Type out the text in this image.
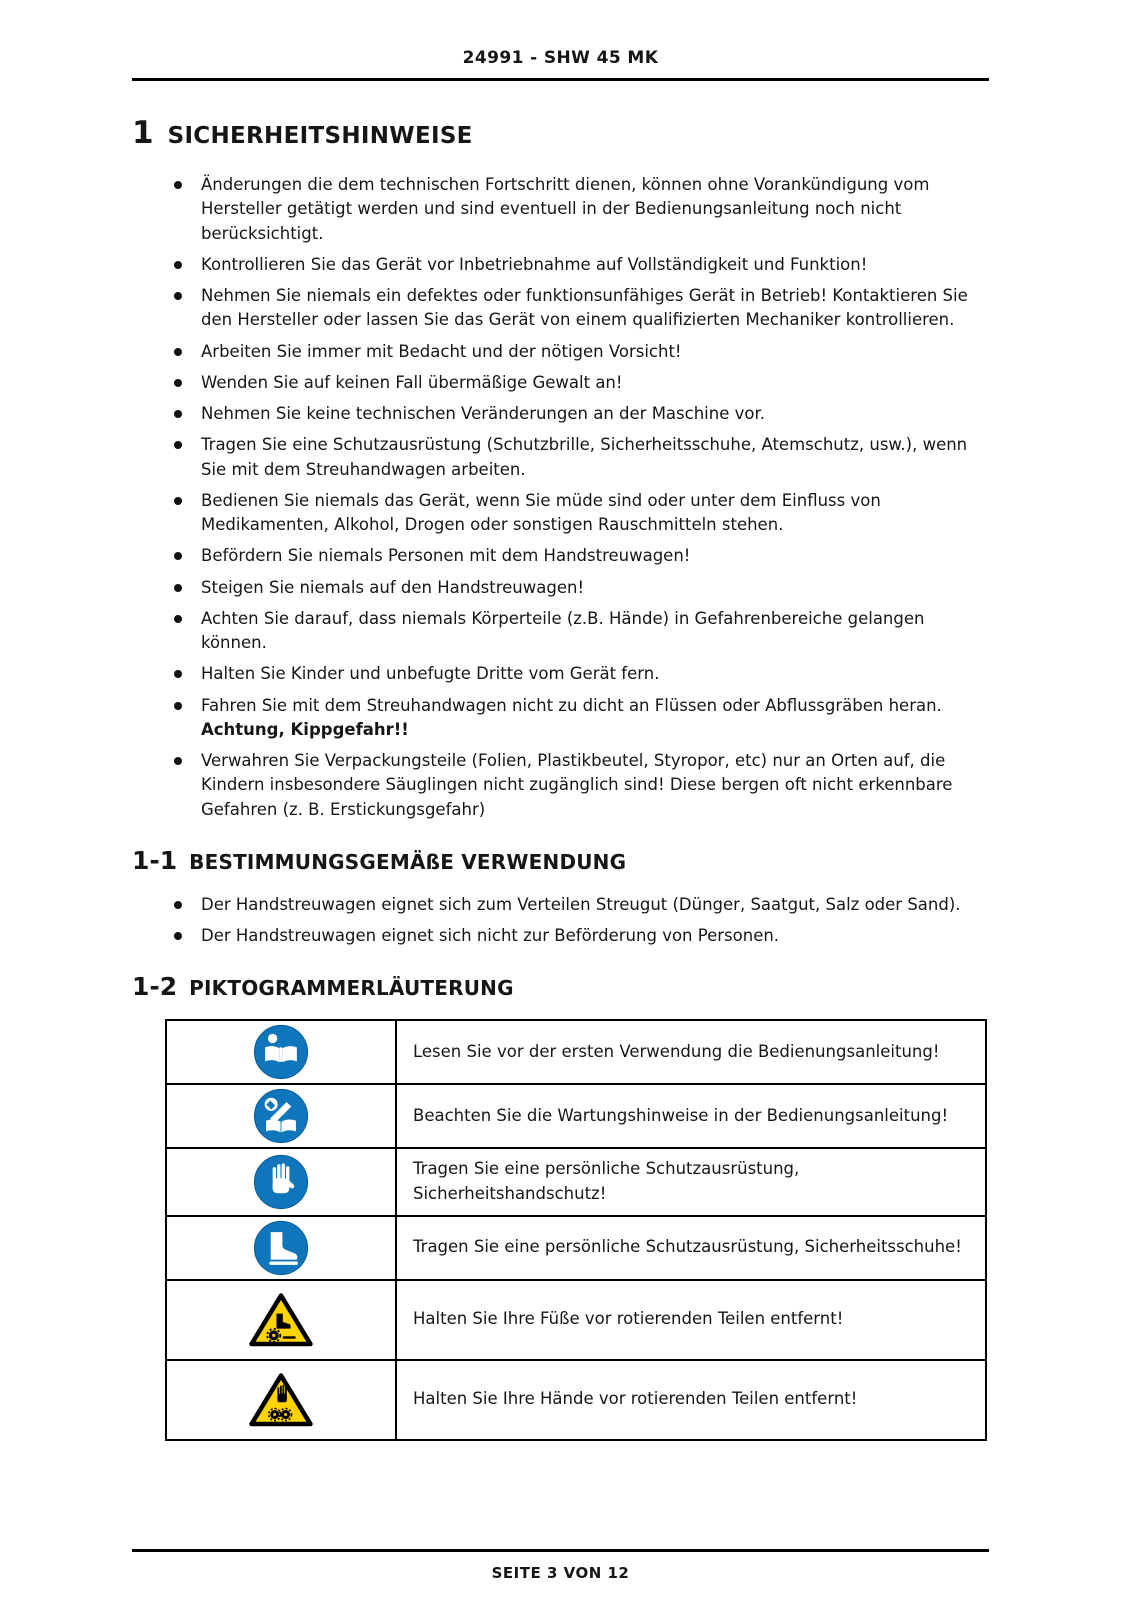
24991 - SHW 45 MK
1 SICHERHEITSHINWEISE
Änderungen die dem technischen Fortschritt dienen, können ohne Vorankündigung vom Hersteller getätigt werden und sind eventuell in der Bedienungsanleitung noch nicht berücksichtigt.
Kontrollieren Sie das Gerät vor Inbetriebnahme auf Vollständigkeit und Funktion!
Nehmen Sie niemals ein defektes oder funktionsunfähiges Gerät in Betrieb! Kontaktieren Sie den Hersteller oder lassen Sie das Gerät von einem qualifizierten Mechaniker kontrollieren.
Arbeiten Sie immer mit Bedacht und der nötigen Vorsicht!
Wenden Sie auf keinen Fall übermäßige Gewalt an!
Nehmen Sie keine technischen Veränderungen an der Maschine vor.
Tragen Sie eine Schutzausrüstung (Schutzbrille, Sicherheitsschuhe, Atemschutz, usw.), wenn Sie mit dem Streuhandwagen arbeiten.
Bedienen Sie niemals das Gerät, wenn Sie müde sind oder unter dem Einfluss von Medikamenten, Alkohol, Drogen oder sonstigen Rauschmitteln stehen.
Befördern Sie niemals Personen mit dem Handstreuwagen!
Steigen Sie niemals auf den Handstreuwagen!
Achten Sie darauf, dass niemals Körperteile (z.B. Hände) in Gefahrenbereiche gelangen können.
Halten Sie Kinder und unbefugte Dritte vom Gerät fern.
Fahren Sie mit dem Streuhandwagen nicht zu dicht an Flüssen oder Abflussgräben heran. Achtung, Kippgefahr!!
Verwahren Sie Verpackungsteile (Folien, Plastikbeutel, Styropor, etc) nur an Orten auf, die Kindern insbesondere Säuglingen nicht zugänglich sind! Diese bergen oft nicht erkennbare Gefahren (z. B. Erstickungsgefahr)
1-1 BESTIMMUNGSGEMÄßE VERWENDUNG
Der Handstreuwagen eignet sich zum Verteilen Streugut (Dünger, Saatgut, Salz oder Sand).
Der Handstreuwagen eignet sich nicht zur Beförderung von Personen.
1-2 PIKTOGRAMMERLÄUTERUNG
	Lesen Sie vor der ersten Verwendung die Bedienungsanleitung!
	Beachten Sie die Wartungshinweise in der Bedienungsanleitung!
	Tragen Sie eine persönliche Schutzausrüstung, Sicherheitshandschutz!
	Tragen Sie eine persönliche Schutzausrüstung, Sicherheitsschuhe!
	Halten Sie Ihre Füße vor rotierenden Teilen entfernt!
	Halten Sie Ihre Hände vor rotierenden Teilen entfernt!
SEITE 3 VON 12
